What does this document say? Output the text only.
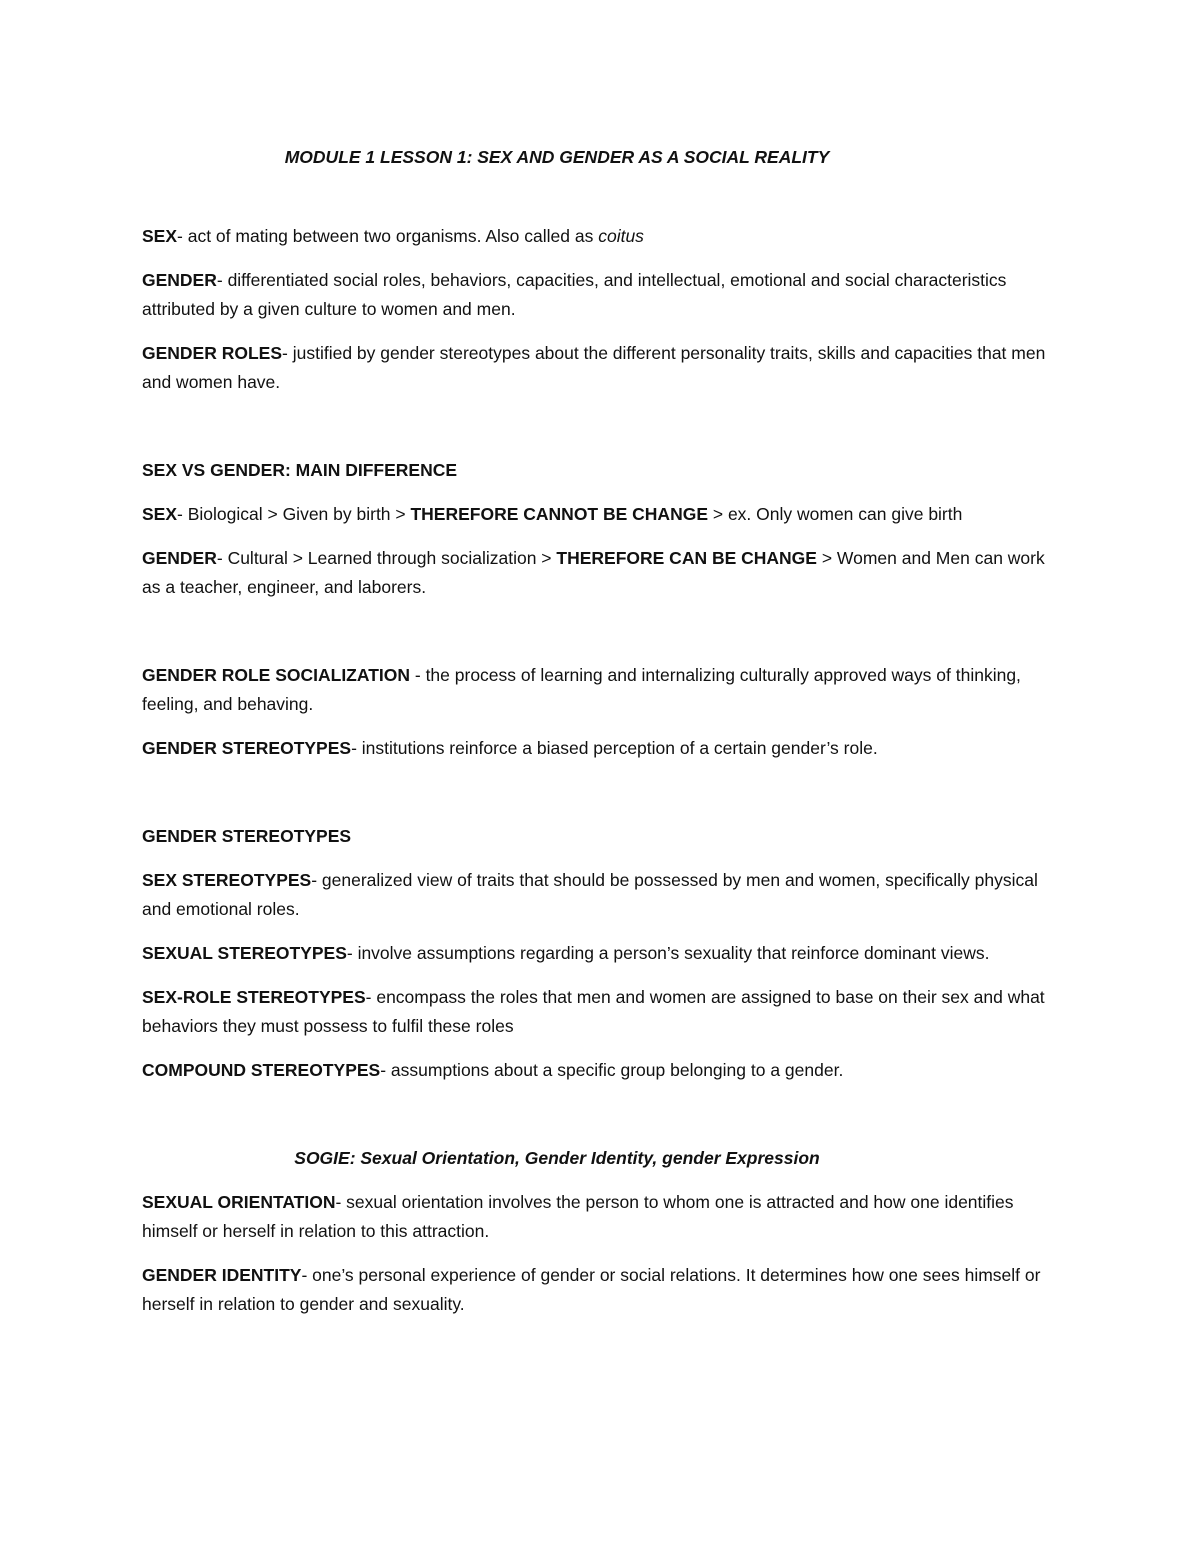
MODULE 1 LESSON 1: SEX AND GENDER AS A SOCIAL REALITY

SEX- act of mating between two organisms. Also called as coitus

GENDER- differentiated social roles, behaviors, capacities, and intellectual, emotional and social characteristics attributed by a given culture to women and men.

GENDER ROLES- justified by gender stereotypes about the different personality traits, skills and capacities that men and women have.

SEX VS GENDER: MAIN DIFFERENCE

SEX- Biological > Given by birth > THEREFORE CANNOT BE CHANGE > ex. Only women can give birth

GENDER- Cultural > Learned through socialization > THEREFORE CAN BE CHANGE > Women and Men can work as a teacher, engineer, and laborers.

GENDER ROLE SOCIALIZATION - the process of learning and internalizing culturally approved ways of thinking, feeling, and behaving.

GENDER STEREOTYPES- institutions reinforce a biased perception of a certain gender’s role.

GENDER STEREOTYPES

SEX STEREOTYPES- generalized view of traits that should be possessed by men and women, specifically physical and emotional roles.

SEXUAL STEREOTYPES- involve assumptions regarding a person’s sexuality that reinforce dominant views.

SEX-ROLE STEREOTYPES- encompass the roles that men and women are assigned to base on their sex and what behaviors they must possess to fulfil these roles

COMPOUND STEREOTYPES- assumptions about a specific group belonging to a gender.

SOGIE: Sexual Orientation, Gender Identity, gender Expression

SEXUAL ORIENTATION- sexual orientation involves the person to whom one is attracted and how one identifies himself or herself in relation to this attraction.

GENDER IDENTITY- one’s personal experience of gender or social relations. It determines how one sees himself or herself in relation to gender and sexuality.
